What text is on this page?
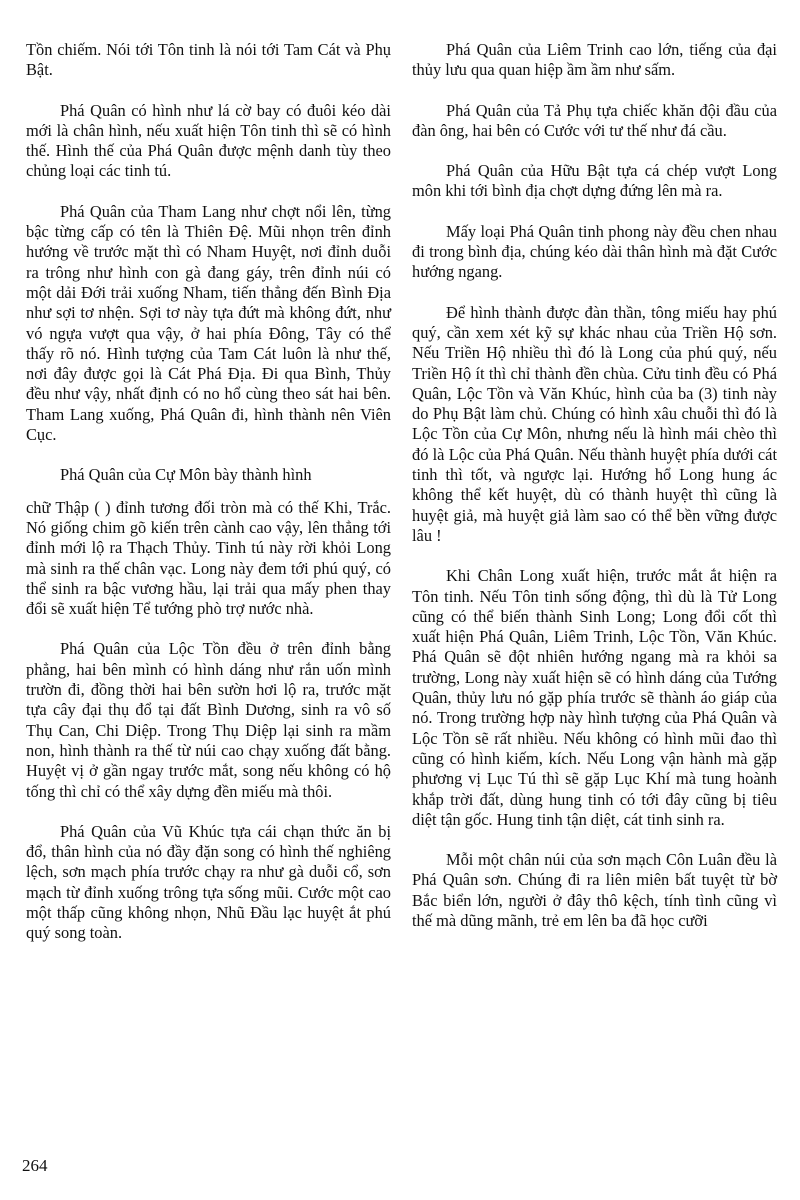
Tồn chiếm. Nói tới Tôn tinh là nói tới Tam Cát và Phụ Bật.

Phá Quân có hình như lá cờ bay có đuôi kéo dài mới là chân hình, nếu xuất hiện Tôn tinh thì sẽ có hình thế. Hình thế của Phá Quân được mệnh danh tùy theo chủng loại các tinh tú.

Phá Quân của Tham Lang như chợt nổi lên, từng bậc từng cấp có tên là Thiên Đệ. Mũi nhọn trên đỉnh hướng về trước mặt thì có Nham Huyệt, nơi đỉnh duỗi ra trông như hình con gà đang gáy, trên đỉnh núi có một dải Đới trải xuống Nham, tiến thẳng đến Bình Địa như sợi tơ nhện. Sợi tơ này tựa đứt mà không đứt, như vó ngựa vượt qua vậy, ở hai phía Đông, Tây có thể thấy rõ nó. Hình tượng của Tam Cát luôn là như thế, nơi đây được gọi là Cát Phá Địa. Đi qua Bình, Thủy đều như vậy, nhất định có no hổ cùng theo sát hai bên. Tham Lang xuống, Phá Quân đi, hình thành nên Viên Cục.

Phá Quân của Cự Môn bày thành hình

chữ Thập ( ) đỉnh tương đối tròn mà có thế Khi, Trắc. Nó giống chim gõ kiến trên cành cao vậy, lên thẳng tới đỉnh mới lộ ra Thạch Thủy. Tinh tú này rời khỏi Long mà sinh ra thế chân vạc. Long này đem tới phú quý, có thể sinh ra bậc vương hầu, lại trải qua mấy phen thay đổi sẽ xuất hiện Tể tướng phò trợ nước nhà.

Phá Quân của Lộc Tồn đều ở trên đỉnh bằng phẳng, hai bên mình có hình dáng như rắn uốn mình trườn đi, đồng thời hai bên sườn hơi lộ ra, trước mặt tựa cây đại thụ đổ tại đất Bình Dương, sinh ra vô số Thụ Can, Chi Diệp. Trong Thụ Diệp lại sinh ra mầm non, hình thành ra thế từ núi cao chạy xuống đất bằng. Huyệt vị ở gần ngay trước mắt, song nếu không có hộ tống thì chỉ có thể xây dựng đền miếu mà thôi.

Phá Quân của Vũ Khúc tựa cái chạn thức ăn bị đổ, thân hình của nó đầy đặn song có hình thế nghiêng lệch, sơn mạch phía trước chạy ra như gà duỗi cổ, sơn mạch từ đỉnh xuống trông tựa sống mũi. Cước một cao một thấp cũng không nhọn, Nhũ Đầu lạc huyệt ắt phú quý song toàn.

Phá Quân của Liêm Trinh cao lớn, tiếng của đại thủy lưu qua quan hiệp ầm ầm như sấm.

Phá Quân của Tả Phụ tựa chiếc khăn đội đầu của đàn ông, hai bên có Cước với tư thế như đá cầu.

Phá Quân của Hữu Bật tựa cá chép vượt Long môn khi tới bình địa chợt dựng đứng lên mà ra.

Mấy loại Phá Quân tinh phong này đều chen nhau đi trong bình địa, chúng kéo dài thân hình mà đặt Cước hướng ngang.

Để hình thành được đàn thần, tông miếu hay phú quý, cần xem xét kỹ sự khác nhau của Triền Hộ sơn. Nếu Triền Hộ nhiều thì đó là Long của phú quý, nếu Triền Hộ ít thì chỉ thành đền chùa. Cửu tinh đều có Phá Quân, Lộc Tồn và Văn Khúc, hình của ba (3) tinh này do Phụ Bật làm chủ. Chúng có hình xâu chuỗi thì đó là Lộc Tồn của Cự Môn, nhưng nếu là hình mái chèo thì đó là Lộc của Phá Quân. Nếu thành huyệt phía dưới cát tinh thì tốt, và ngược lại. Hướng hổ Long hung ác không thể kết huyệt, dù có thành huyệt thì cũng là huyệt giả, mà huyệt giả làm sao có thể bền vững được lâu !

Khi Chân Long xuất hiện, trước mắt ắt hiện ra Tôn tinh. Nếu Tôn tinh sống động, thì dù là Tử Long cũng có thể biến thành Sinh Long; Long đổi cốt thì xuất hiện Phá Quân, Liêm Trinh, Lộc Tồn, Văn Khúc. Phá Quân sẽ đột nhiên hướng ngang mà ra khỏi sa trường, Long này xuất hiện sẽ có hình dáng của Tướng Quân, thủy lưu nó gặp phía trước sẽ thành áo giáp của nó. Trong trường hợp này hình tượng của Phá Quân và Lộc Tồn sẽ rất nhiều. Nếu không có hình mũi đao thì cũng có hình kiếm, kích. Nếu Long vận hành mà gặp phương vị Lục Tú thì sẽ gặp Lục Khí mà tung hoành khắp trời đất, dùng hung tinh có tới đây cũng bị tiêu diệt tận gốc. Hung tinh tận diệt, cát tinh sinh ra.

Mỗi một chân núi của sơn mạch Côn Luân đều là Phá Quân sơn. Chúng đi ra liên miên bất tuyệt từ bờ Bắc biển lớn, người ở đây thô kệch, tính tình cũng vì thế mà dũng mãnh, trẻ em lên ba đã học cưỡi

264
